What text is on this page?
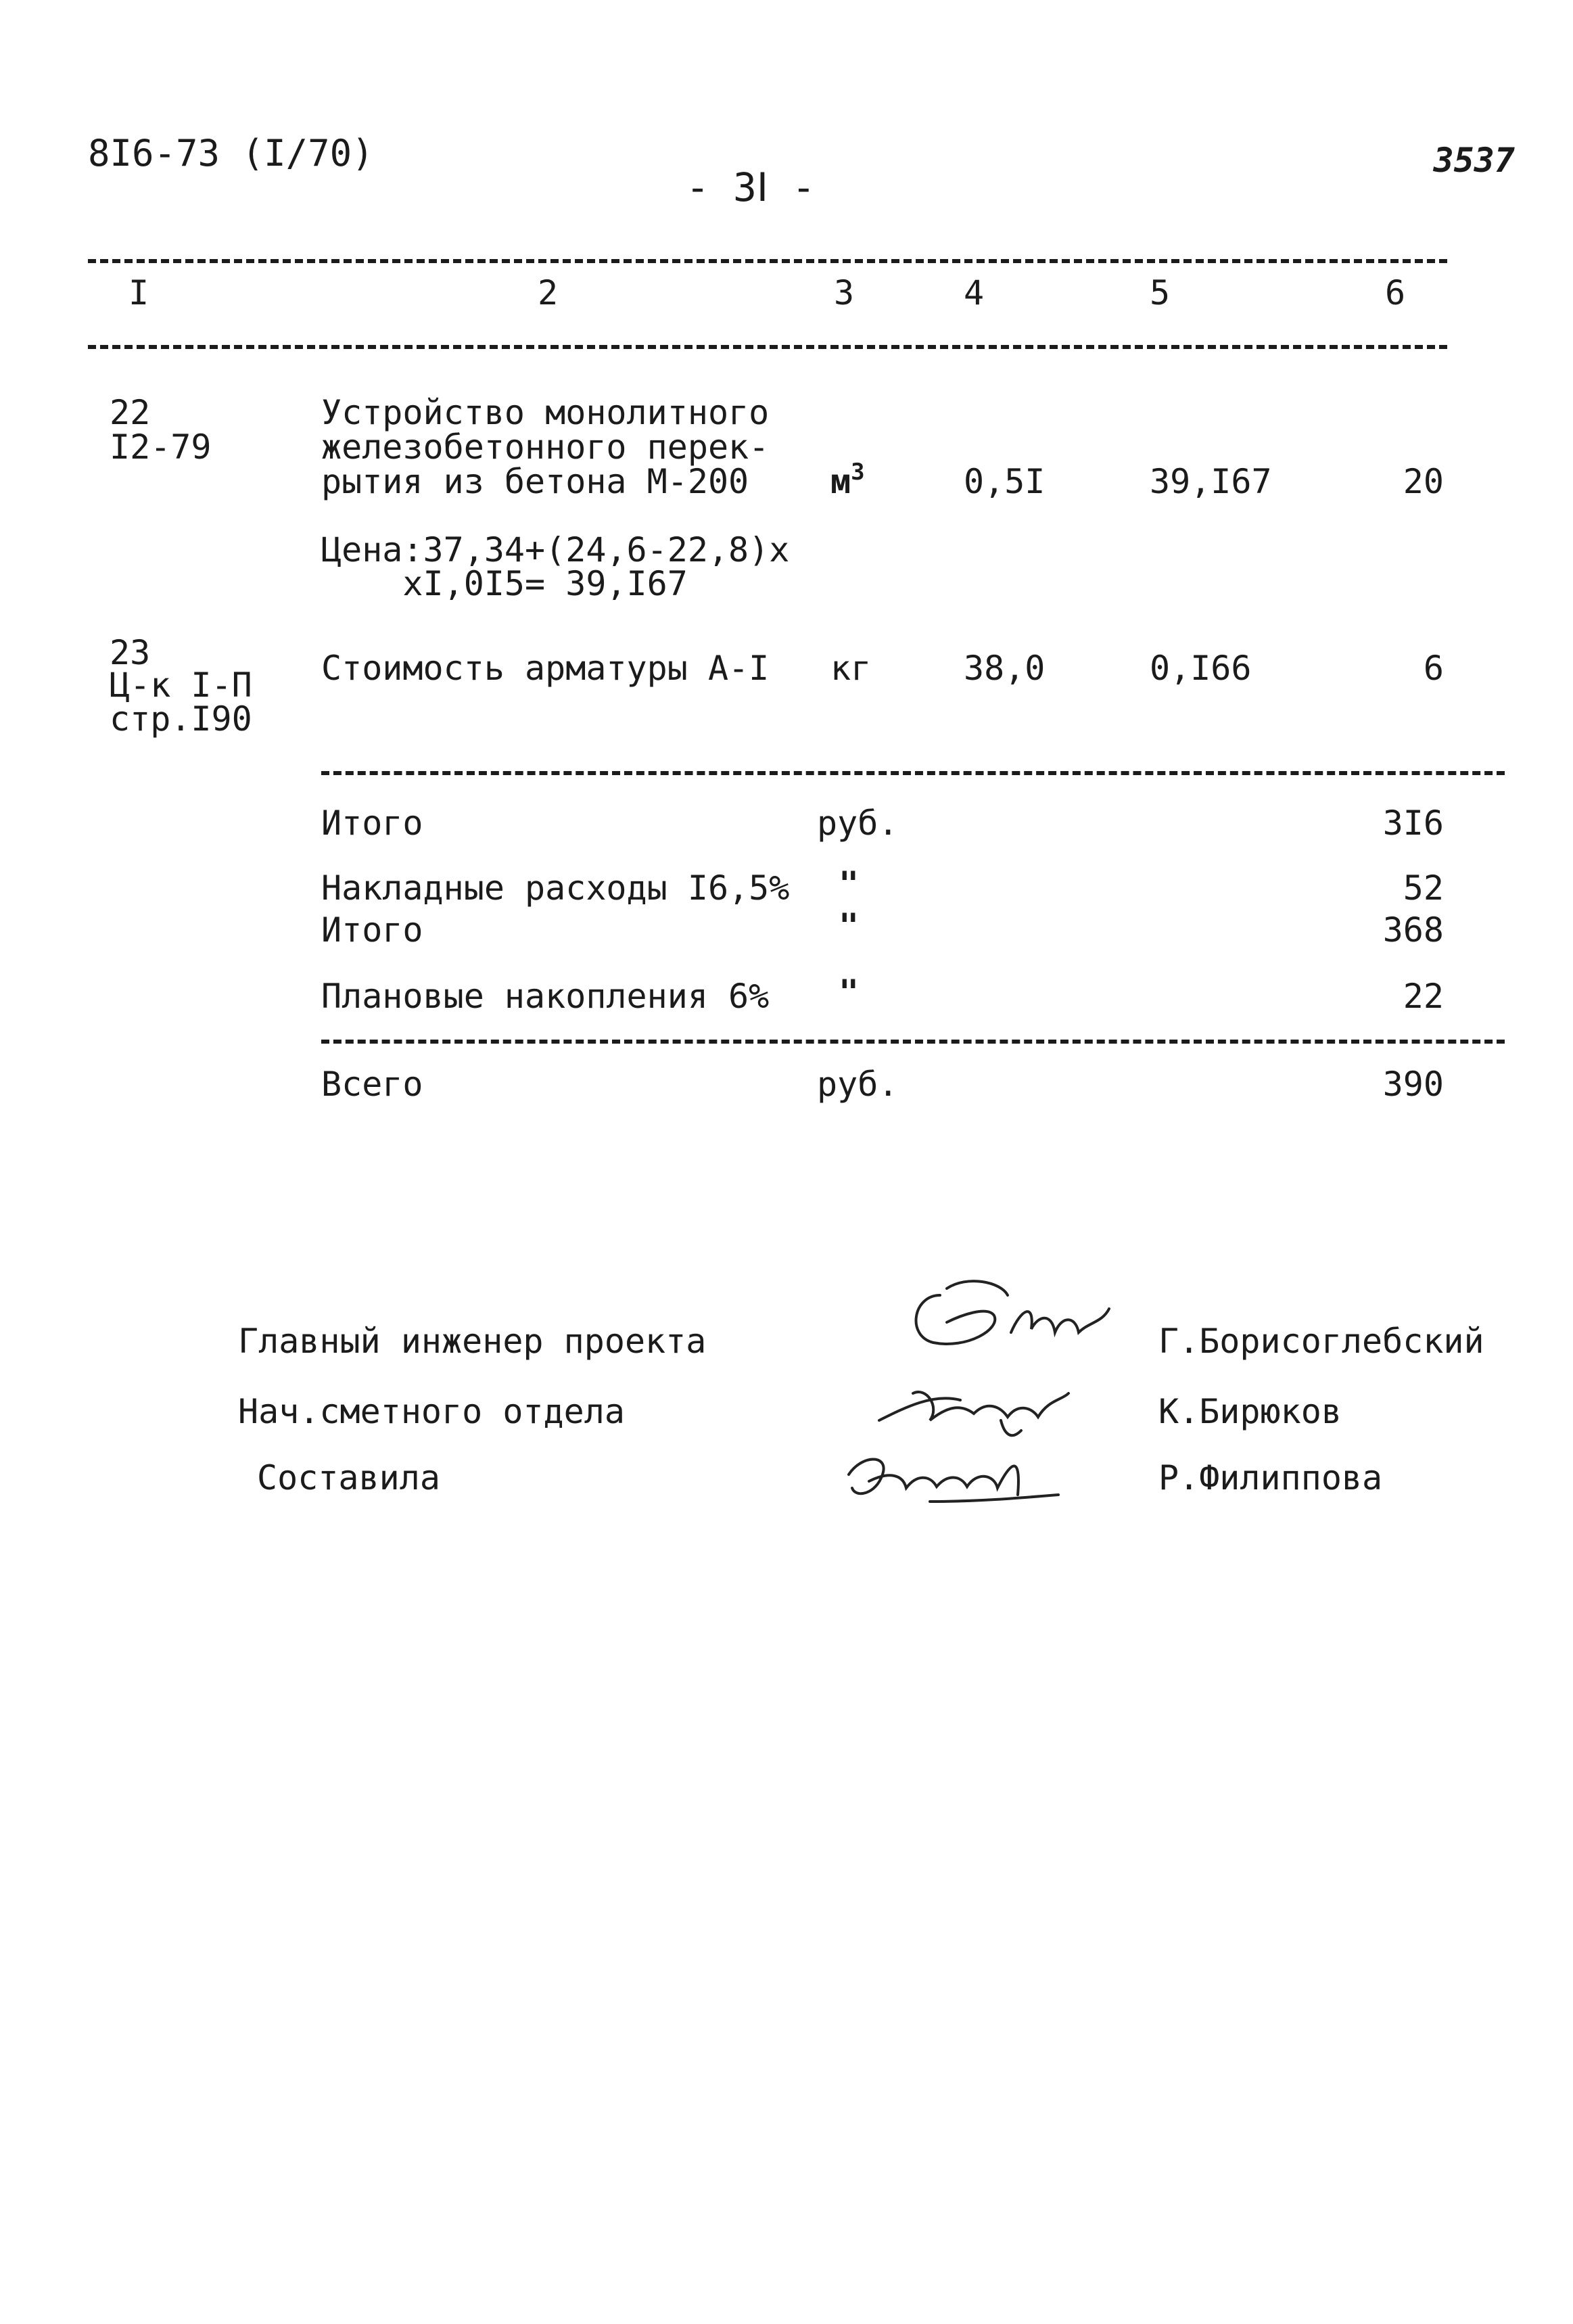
8I6-73 (I/70)
- 3Ⅰ -
3537
I	2	3	4	5	6
22
I2-79
Устройство монолитного
железобетонного перек-
рытия из бетона М-200 $м^3$	0,5I	39,I67	20
Цена:37,34+(24,6-22,8)х
хI,0I5= 39,I67
23
Ц-к I-П
стр.I90
Стоимость арматуры А-I кг	38,0	0,I66	6
Итого	руб.	3I6
Накладные расходы I6,5% "	52
Итого	"	368
Плановые накопления 6% "	22
Всего	руб.	390
Главный инженер проекта	Г.Борисоглебский
Нач.сметного отдела	К.Бирюков
Составила	Р.Филиппова
